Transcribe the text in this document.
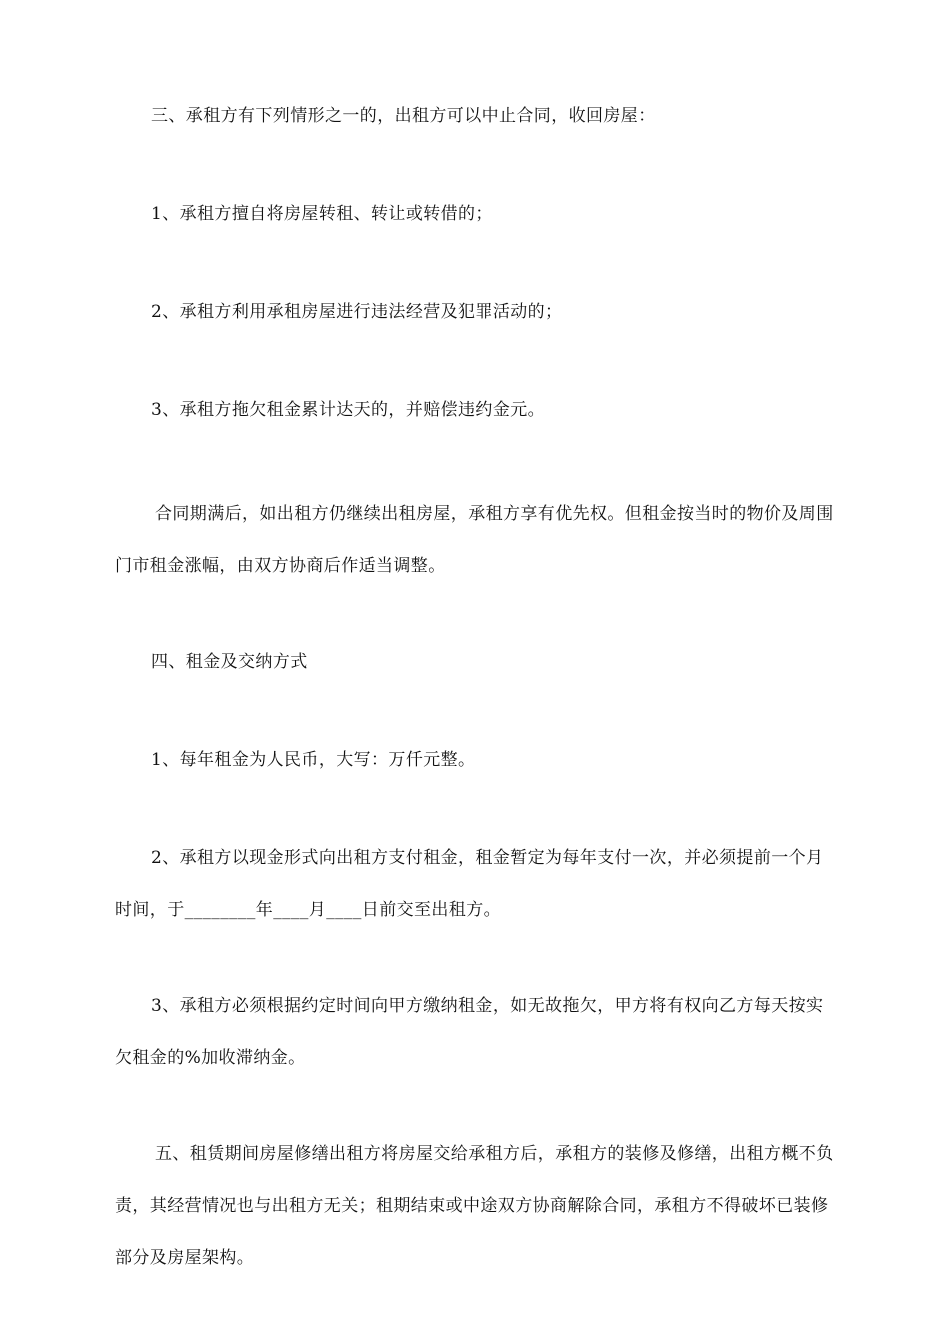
三、承租方有下列情形之一的，出租方可以中止合同，收回房屋：

1、承租方擅自将房屋转租、转让或转借的；

2、承租方利用承租房屋进行违法经营及犯罪活动的；

3、承租方拖欠租金累计达天的，并赔偿违约金元。

合同期满后，如出租方仍继续出租房屋，承租方享有优先权。但租金按当时的物价及周围门市租金涨幅，由双方协商后作适当调整。

四、租金及交纳方式

1、每年租金为人民币，大写：万仟元整。

2、承租方以现金形式向出租方支付租金，租金暂定为每年支付一次，并必须提前一个月时间，于________年____月____日前交至出租方。

3、承租方必须根据约定时间向甲方缴纳租金，如无故拖欠，甲方将有权向乙方每天按实欠租金的%加收滞纳金。

五、租赁期间房屋修缮出租方将房屋交给承租方后，承租方的装修及修缮，出租方概不负责，其经营情况也与出租方无关；租期结束或中途双方协商解除合同，承租方不得破坏已装修部分及房屋架构。
